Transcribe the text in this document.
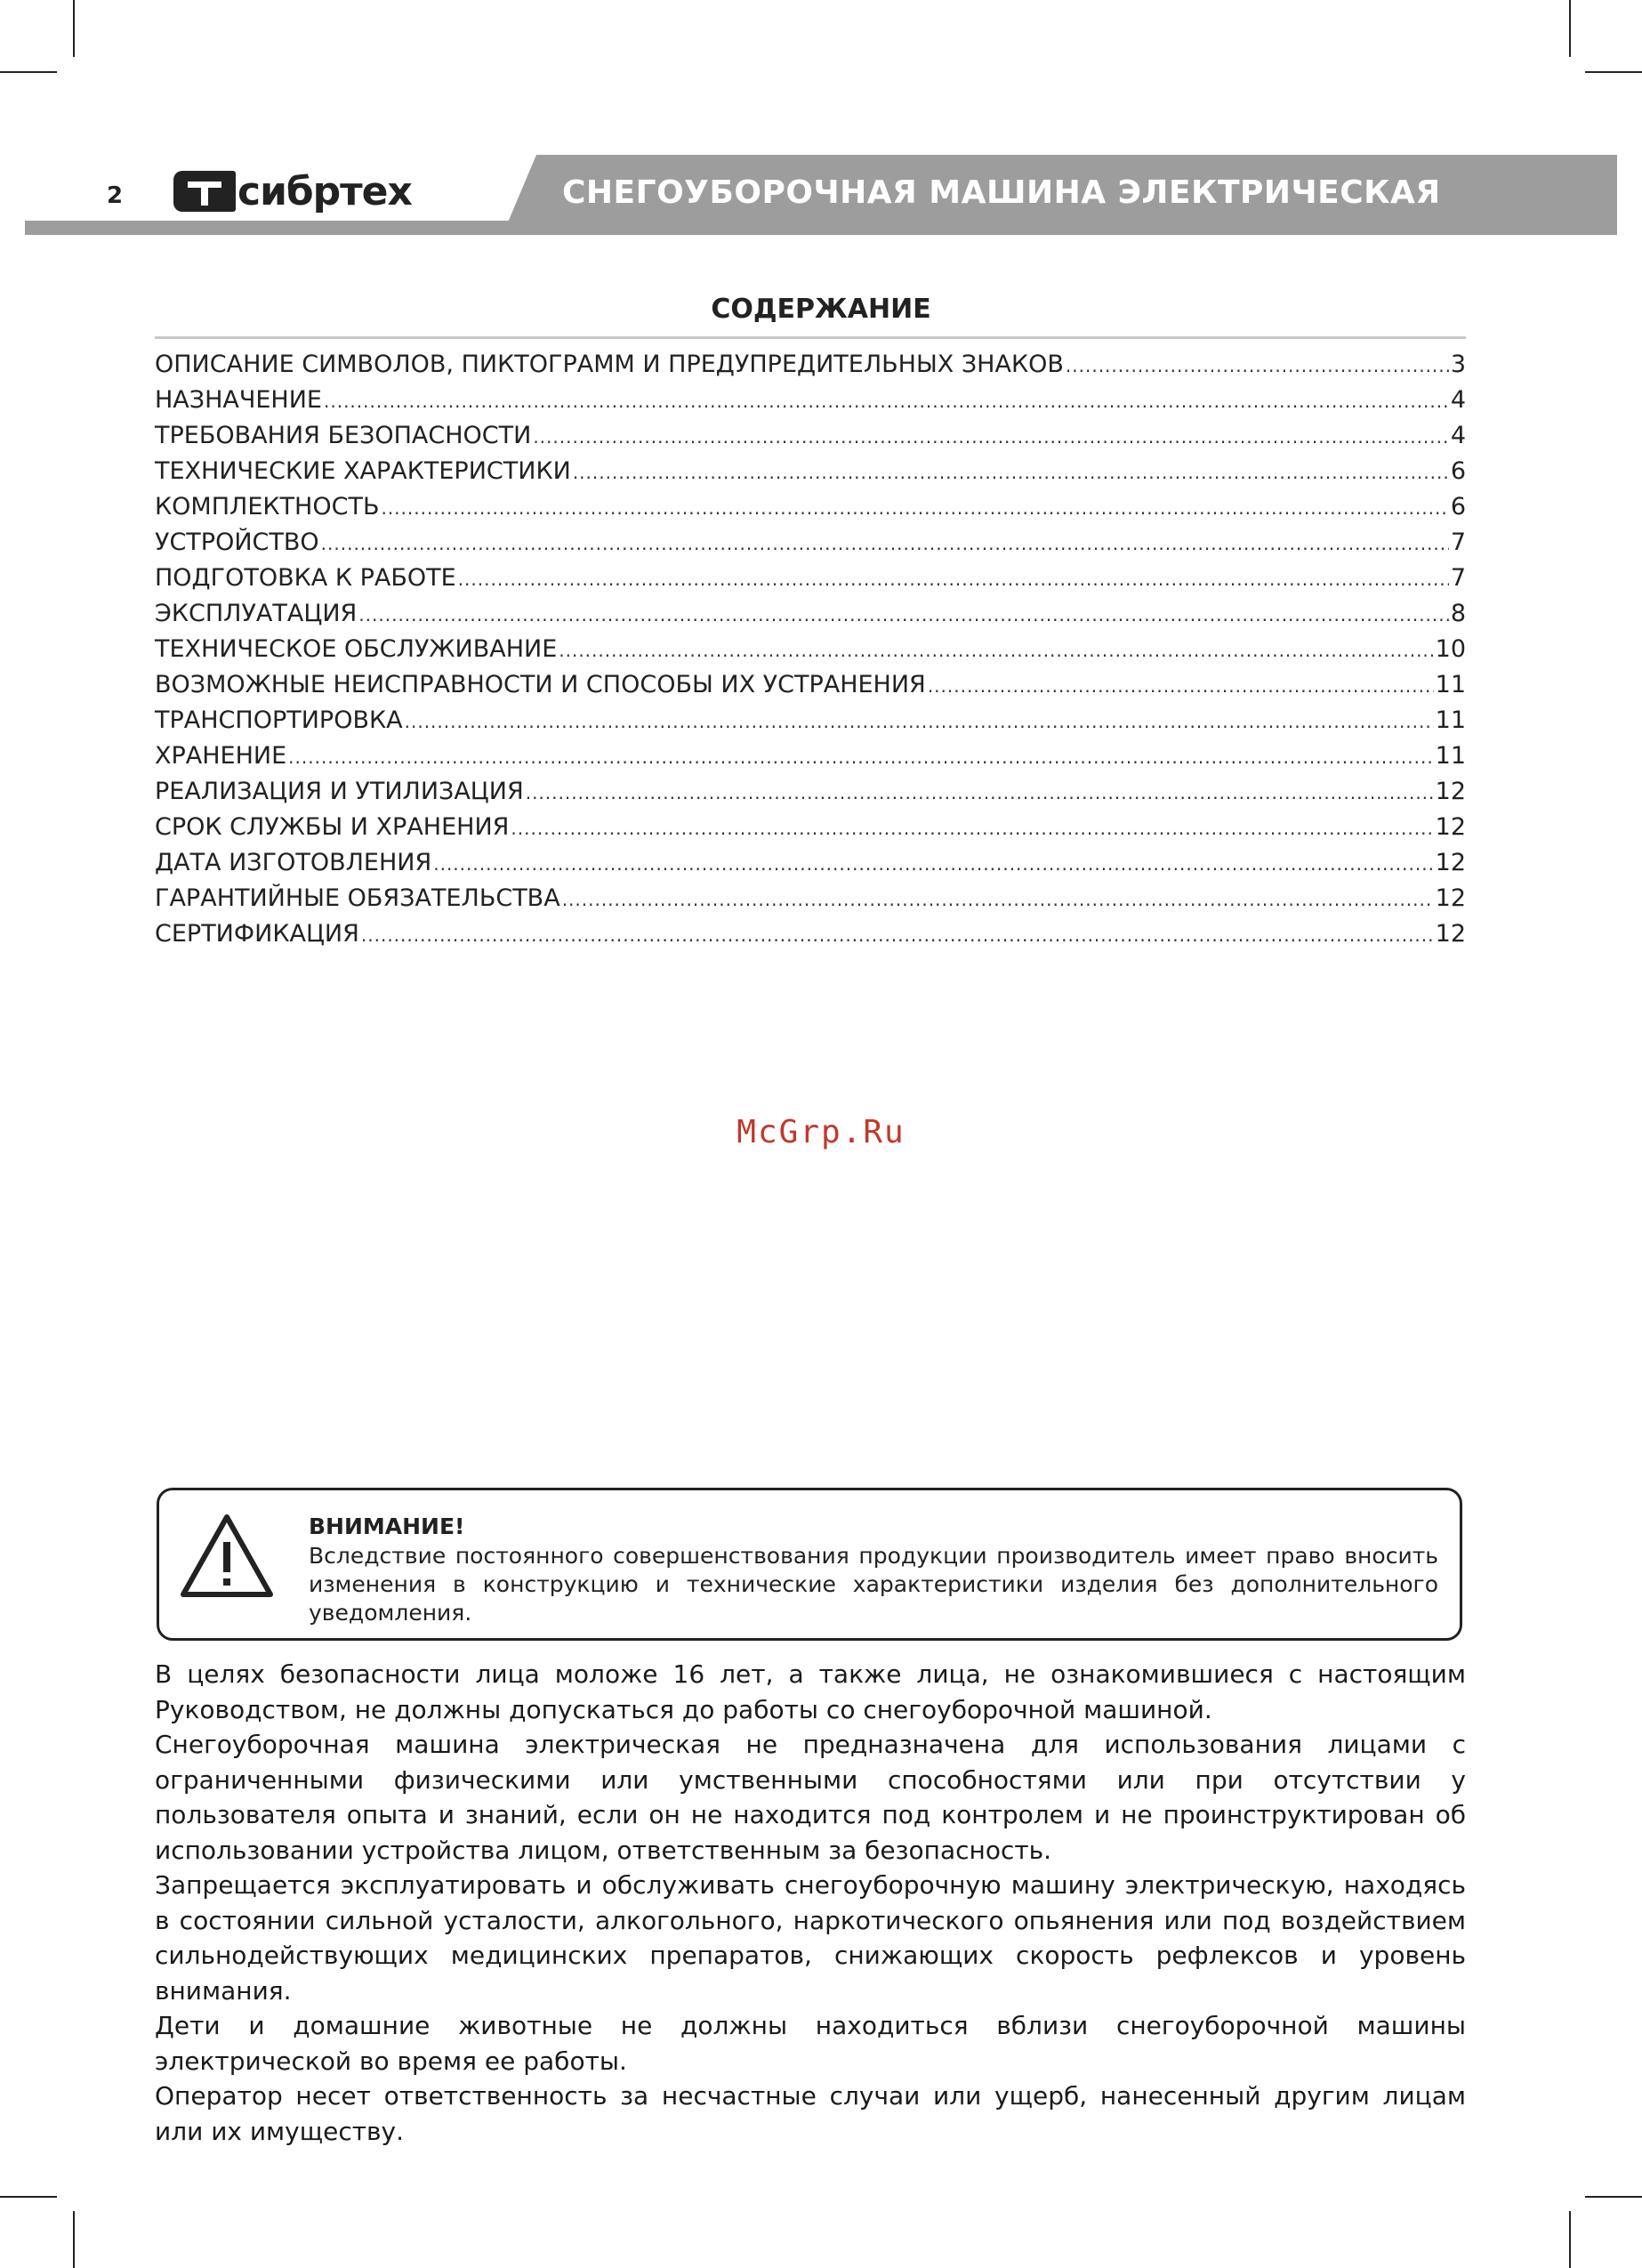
2	сибртех	СНЕГОУБОРОЧНАЯ МАШИНА ЭЛЕКТРИЧЕСКАЯ
СОДЕРЖАНИЕ
ОПИСАНИЕ СИМВОЛОВ, ПИКТОГРАММ И ПРЕДУПРЕДИТЕЛЬНЫХ ЗНАКОВ .....	3
НАЗНАЧЕНИЕ .....	4
ТРЕБОВАНИЯ БЕЗОПАСНОСТИ .....	4
ТЕХНИЧЕСКИЕ ХАРАКТЕРИСТИКИ .....	6
КОМПЛЕКТНОСТЬ .....	6
УСТРОЙСТВО .....	7
ПОДГОТОВКА К РАБОТЕ .....	7
ЭКСПЛУАТАЦИЯ .....	8
ТЕХНИЧЕСКОЕ ОБСЛУЖИВАНИЕ .....	10
ВОЗМОЖНЫЕ НЕИСПРАВНОСТИ И СПОСОБЫ ИХ УСТРАНЕНИЯ .....	11
ТРАНСПОРТИРОВКА .....	11
ХРАНЕНИЕ .....	11
РЕАЛИЗАЦИЯ И УТИЛИЗАЦИЯ .....	12
СРОК СЛУЖБЫ И ХРАНЕНИЯ .....	12
ДАТА ИЗГОТОВЛЕНИЯ .....	12
ГАРАНТИЙНЫЕ ОБЯЗАТЕЛЬСТВА .....	12
СЕРТИФИКАЦИЯ .....	12
McGrp.Ru
ВНИМАНИЕ!
Вследствие постоянного совершенствования продукции производитель имеет право вносить изменения в конструкцию и технические характеристики изделия без дополнительного уведомления.

В целях безопасности лица моложе 16 лет, а также лица, не ознакомившиеся с настоящим Руководством, не должны допускаться до работы со снегоуборочной машиной.

Снегоуборочная машина электрическая не предназначена для использования лицами с ограниченными физическими или умственными способностями или при отсутствии у пользователя опыта и знаний, если он не находится под контролем и не проинструктирован об использовании устройства лицом, ответственным за безопасность.

Запрещается эксплуатировать и обслуживать снегоуборочную машину электрическую, находясь в состоянии сильной усталости, алкогольного, наркотического опьянения или под воздействием сильнодействующих медицинских препаратов, снижающих скорость рефлексов и уровень внимания.

Дети и домашние животные не должны находиться вблизи снегоуборочной машины электрической во время ее работы.

Оператор несет ответственность за несчастные случаи или ущерб, нанесенный другим лицам или их имуществу.
